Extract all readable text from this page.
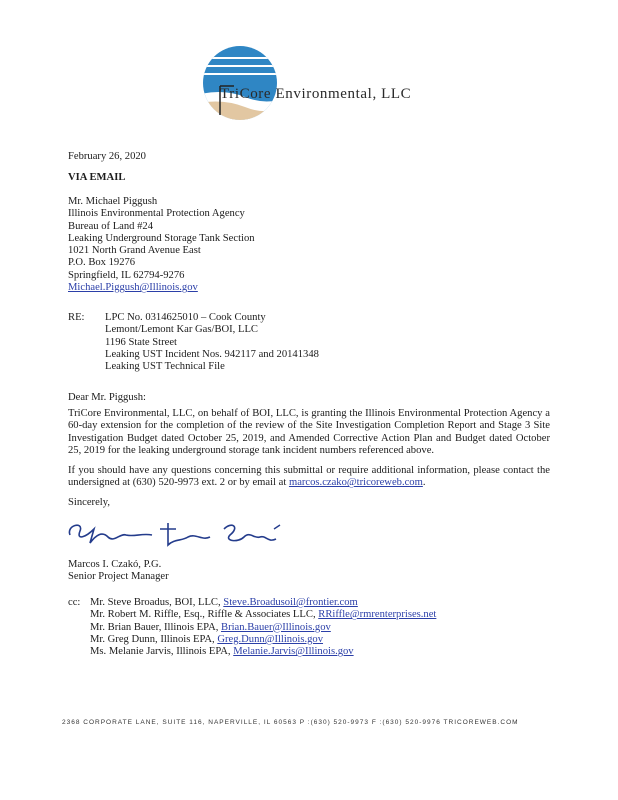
TriCore Environmental, LLC
February 26, 2020
VIA EMAIL
Mr. Michael Piggush
Illinois Environmental Protection Agency
Bureau of Land #24
Leaking Underground Storage Tank Section
1021 North Grand Avenue East
P.O. Box 19276
Springfield, IL 62794-9276
Michael.Piggush@Illinois.gov
RE: LPC No. 0314625010 – Cook County
Lemont/Lemont Kar Gas/BOI, LLC
1196 State Street
Leaking UST Incident Nos. 942117 and 20141348
Leaking UST Technical File
Dear Mr. Piggush:
TriCore Environmental, LLC, on behalf of BOI, LLC, is granting the Illinois Environmental Protection Agency a 60-day extension for the completion of the review of the Site Investigation Completion Report and Stage 3 Site Investigation Budget dated October 25, 2019, and Amended Corrective Action Plan and Budget dated October 25, 2019 for the leaking underground storage tank incident numbers referenced above.
If you should have any questions concerning this submittal or require additional information, please contact the undersigned at (630) 520-9973 ext. 2 or by email at marcos.czako@tricoreweb.com.
Sincerely,
Marcos I. Czakó, P.G.
Senior Project Manager
cc: Mr. Steve Broadus, BOI, LLC, Steve.Broadusoil@frontier.com
Mr. Robert M. Riffle, Esq., Riffle & Associates LLC, RRiffle@rmrenterprises.net
Mr. Brian Bauer, Illinois EPA, Brian.Bauer@Illinois.gov
Mr. Greg Dunn, Illinois EPA, Greg.Dunn@Illinois.gov
Ms. Melanie Jarvis, Illinois EPA, Melanie.Jarvis@Illinois.gov
2368 CORPORATE LANE, SUITE 116, NAPERVILLE, IL 60563 P :(630) 520-9973 F :(630) 520-9976 TRICOREWEB.COM
